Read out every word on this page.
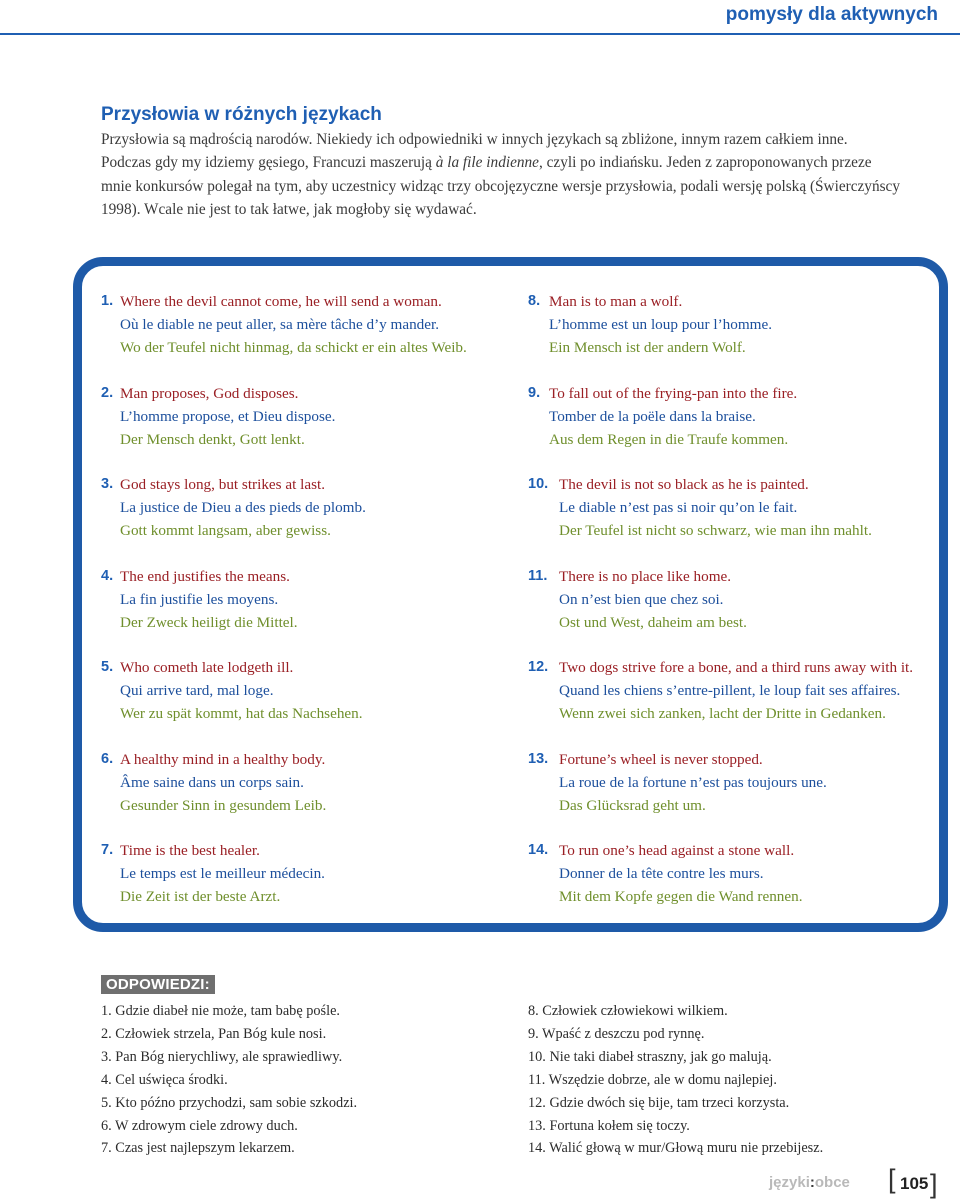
pomysły dla aktywnych
Przysłowia w różnych językach
Przysłowia są mądrością narodów. Niekiedy ich odpowiedniki w innych językach są zbliżone, innym razem całkiem inne.
Podczas gdy my idziemy gęsiego, Francuzi maszerują à la file indienne, czyli po indiańsku. Jeden z zaproponowanych przeze
mnie konkursów polegał na tym, aby uczestnicy widząc trzy obcojęzyczne wersje przysłowia, podali wersję polską (Świerczyńscy
1998). Wcale nie jest to tak łatwe, jak mogłoby się wydawać.
1. Where the devil cannot come, he will send a woman.
Où le diable ne peut aller, sa mère tâche d’y mander.
Wo der Teufel nicht hinmag, da schickt er ein altes Weib.
2. Man proposes, God disposes.
L’homme propose, et Dieu dispose.
Der Mensch denkt, Gott lenkt.
3. God stays long, but strikes at last.
La justice de Dieu a des pieds de plomb.
Gott kommt langsam, aber gewiss.
4. The end justifies the means.
La fin justifie les moyens.
Der Zweck heiligt die Mittel.
5. Who cometh late lodgeth ill.
Qui arrive tard, mal loge.
Wer zu spät kommt, hat das Nachsehen.
6. A healthy mind in a healthy body.
Âme saine dans un corps sain.
Gesunder Sinn in gesundem Leib.
7. Time is the best healer.
Le temps est le meilleur médecin.
Die Zeit ist der beste Arzt.
8. Man is to man a wolf.
L’homme est un loup pour l’homme.
Ein Mensch ist der andern Wolf.
9. To fall out of the frying-pan into the fire.
Tomber de la poële dans la braise.
Aus dem Regen in die Traufe kommen.
10. The devil is not so black as he is painted.
Le diable n’est pas si noir qu’on le fait.
Der Teufel ist nicht so schwarz, wie man ihn mahlt.
11. There is no place like home.
On n’est bien que chez soi.
Ost und West, daheim am best.
12. Two dogs strive fore a bone, and a third runs away with it.
Quand les chiens s’entre-pillent, le loup fait ses affaires.
Wenn zwei sich zanken, lacht der Dritte in Gedanken.
13. Fortune’s wheel is never stopped.
La roue de la fortune n’est pas toujours une.
Das Glücksrad geht um.
14. To run one’s head against a stone wall.
Donner de la tête contre les murs.
Mit dem Kopfe gegen die Wand rennen.
ODPOWIEDZI:
1. Gdzie diabeł nie może, tam babę pośle.
2. Człowiek strzela, Pan Bóg kule nosi.
3. Pan Bóg nierychliwy, ale sprawiedliwy.
4. Cel uświęca środki.
5. Kto późno przychodzi, sam sobie szkodzi.
6. W zdrowym ciele zdrowy duch.
7. Czas jest najlepszym lekarzem.
8. Człowiek człowiekowi wilkiem.
9. Wpaść z deszczu pod rynnę.
10. Nie taki diabeł straszny, jak go malują.
11. Wszędzie dobrze, ale w domu najlepiej.
12. Gdzie dwóch się bije, tam trzeci korzysta.
13. Fortuna kołem się toczy.
14. Walić głową w mur/Głową muru nie przebijesz.
języki:obce [ 105 ]
